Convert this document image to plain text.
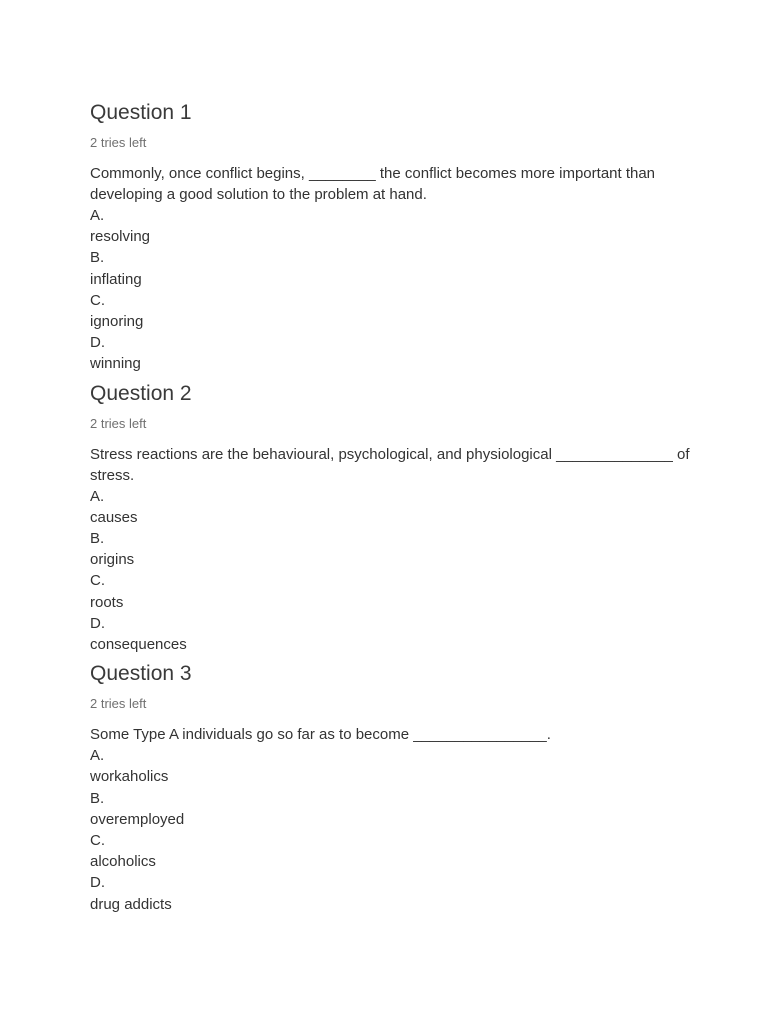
Question 1
2 tries left
Commonly, once conflict begins, ________ the conflict becomes more important than developing a good solution to the problem at hand.
A.
resolving
B.
inflating
C.
ignoring
D.
winning
Question 2
2 tries left
Stress reactions are the behavioural, psychological, and physiological ______________ of stress.
A.
causes
B.
origins
C.
roots
D.
consequences
Question 3
2 tries left
Some Type A individuals go so far as to become ________________.
A.
workaholics
B.
overemployed
C.
alcoholics
D.
drug addicts
